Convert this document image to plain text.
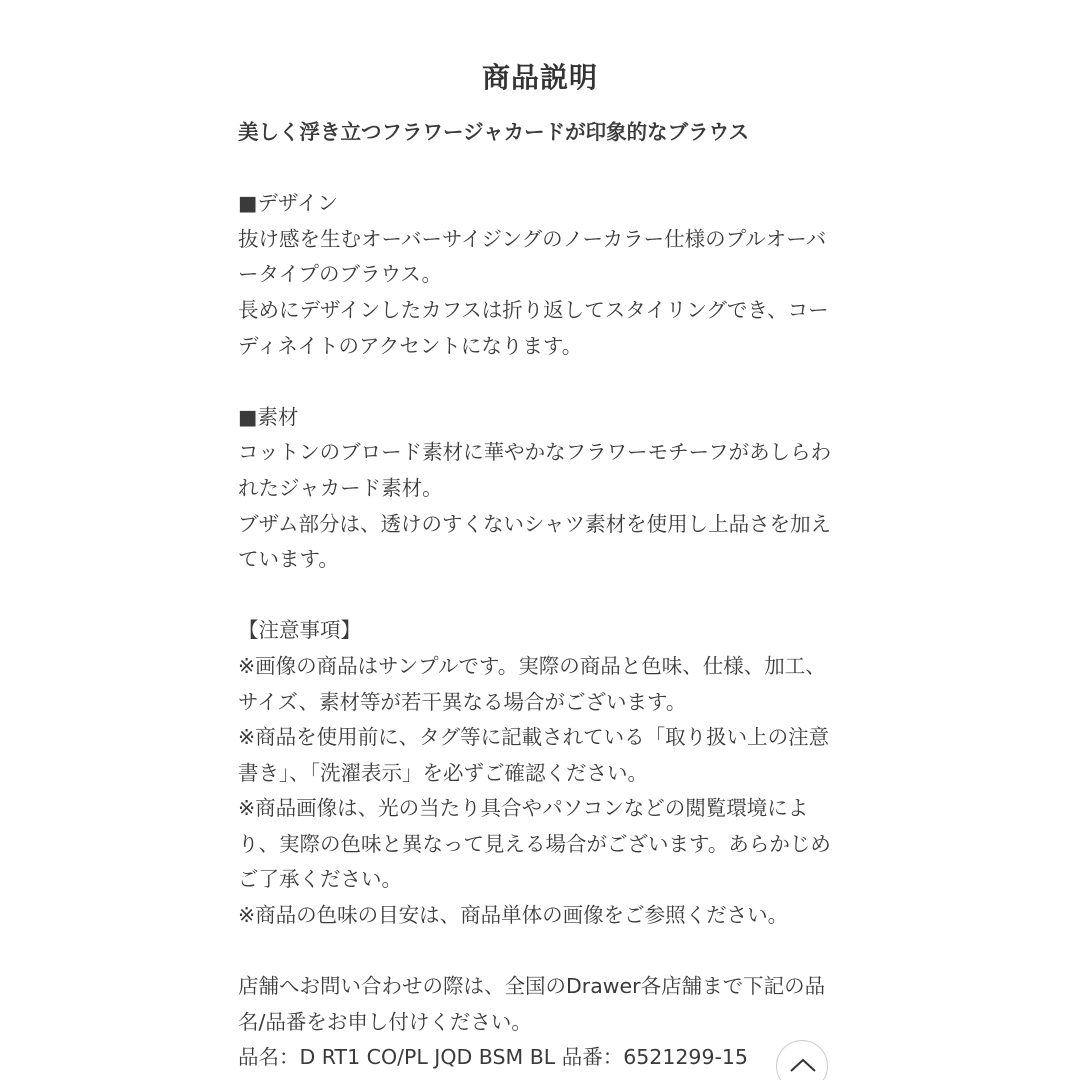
商品説明
美しく浮き立つフラワージャカードが印象的なブラウス
■デザイン
抜け感を生むオーバーサイジングのノーカラー仕様のプルオーバータイプのブラウス。
長めにデザインしたカフスは折り返してスタイリングでき、コーディネイトのアクセントになります。
■素材
コットンのブロード素材に華やかなフラワーモチーフがあしらわれたジャカード素材。
ブザム部分は、透けのすくないシャツ素材を使用し上品さを加えています。
【注意事項】
※画像の商品はサンプルです。実際の商品と色味、仕様、加工、サイズ、素材等が若干異なる場合がございます。
※商品を使用前に、タグ等に記載されている「取り扱い上の注意書き」、「洗濯表示」を必ずご確認ください。
※商品画像は、光の当たり具合やパソコンなどの閲覧環境により、実際の色味と異なって見える場合がございます。あらかじめご了承ください。
※商品の色味の目安は、商品単体の画像をご参照ください。
店舗へお問い合わせの際は、全国のDrawer各店舗まで下記の品名/品番をお申し付けください。
品名：D RT1 CO/PL JQD BSM BL 品番：6521299-15
